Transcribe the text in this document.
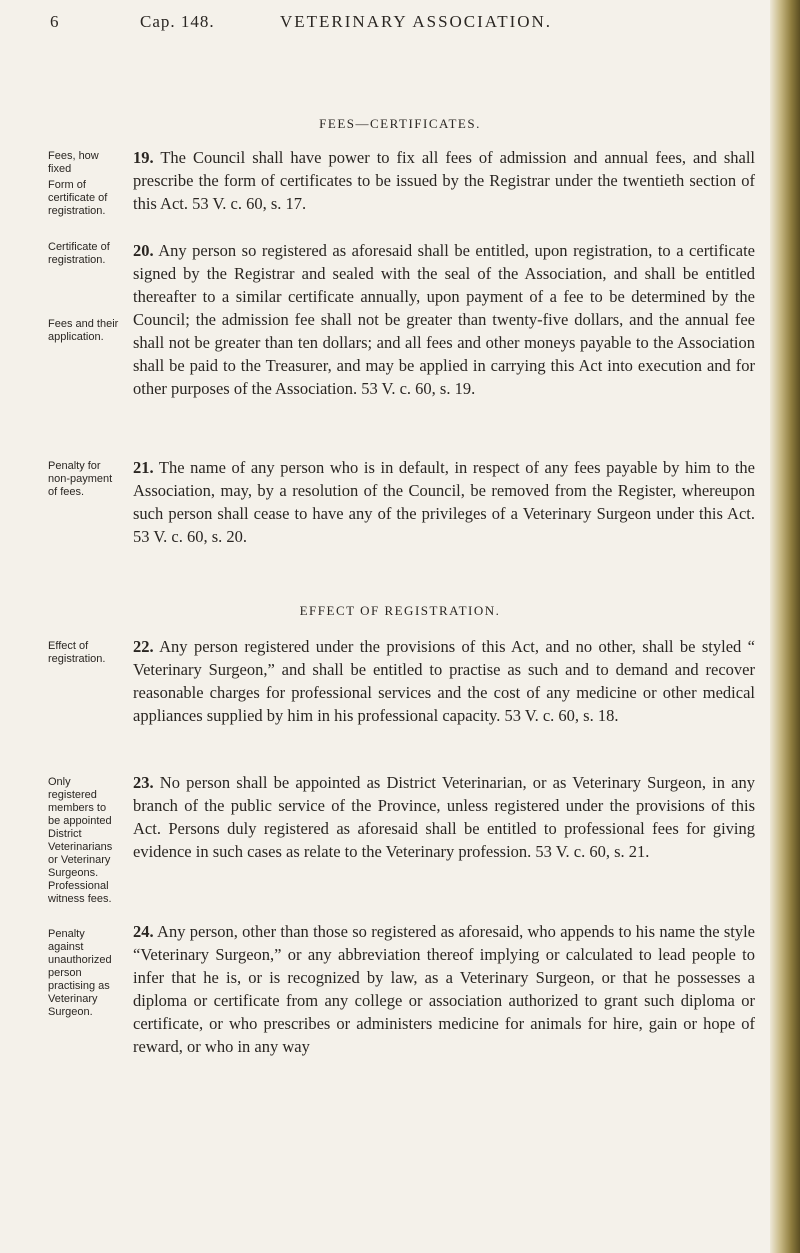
6	Cap. 148.	VETERINARY ASSOCIATION.
FEES—CERTIFICATES.
Fees, how fixed
Form of certificate of registration.
19. The Council shall have power to fix all fees of admission and annual fees, and shall prescribe the form of certificates to be issued by the Registrar under the twentieth section of this Act. 53 V. c. 60, s. 17.
Certificate of registration.
Fees and their application.
20. Any person so registered as aforesaid shall be entitled, upon registration, to a certificate signed by the Registrar and sealed with the seal of the Association, and shall be entitled thereafter to a similar certificate annually, upon payment of a fee to be determined by the Council; the admission fee shall not be greater than twenty-five dollars, and the annual fee shall not be greater than ten dollars; and all fees and other moneys payable to the Association shall be paid to the Treasurer, and may be applied in carrying this Act into execution and for other purposes of the Association. 53 V. c. 60, s. 19.
Penalty for non-payment of fees.
21. The name of any person who is in default, in respect of any fees payable by him to the Association, may, by a resolution of the Council, be removed from the Register, whereupon such person shall cease to have any of the privileges of a Veterinary Surgeon under this Act. 53 V. c. 60, s. 20.
EFFECT OF REGISTRATION.
Effect of registration.
22. Any person registered under the provisions of this Act, and no other, shall be styled “ Veterinary Surgeon,” and shall be entitled to practise as such and to demand and recover reasonable charges for professional services and the cost of any medicine or other medical appliances supplied by him in his professional capacity. 53 V. c. 60, s. 18.
Only registered members to be appointed District Veterinarians or Veterinary Surgeons. Professional witness fees.
23. No person shall be appointed as District Veterinarian, or as Veterinary Surgeon, in any branch of the public service of the Province, unless registered under the provisions of this Act. Persons duly registered as aforesaid shall be entitled to professional fees for giving evidence in such cases as relate to the Veterinary profession. 53 V. c. 60, s. 21.
Penalty against unauthorized person practising as Veterinary Surgeon.
24. Any person, other than those so registered as aforesaid, who appends to his name the style “Veterinary Surgeon,” or any abbreviation thereof implying or calculated to lead people to infer that he is, or is recognized by law, as a Veterinary Surgeon, or that he possesses a diploma or certificate from any college or association authorized to grant such diploma or certificate, or who prescribes or administers medicine for animals for hire, gain or hope of reward, or who in any way
